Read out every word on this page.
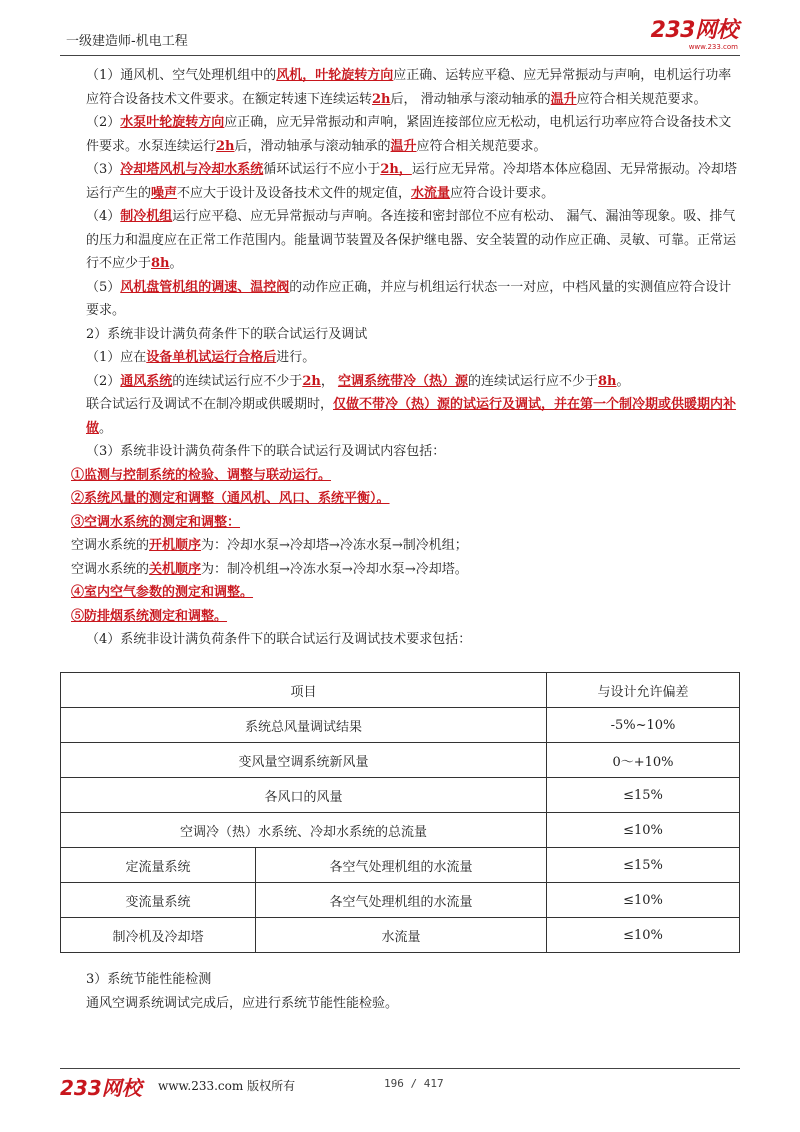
一级建造师-机电工程	233网校
www.233.com

（1）通风机、空气处理机组中的风机，叶轮旋转方向应正确、运转应平稳、应无异常振动与声响，电机运行功率应符合设备技术文件要求。在额定转速下连续运转2h后， 滑动轴承与滚动轴承的温升应符合相关规范要求。

（2）水泵叶轮旋转方向应正确，应无异常振动和声响，紧固连接部位应无松动，电机运行功率应符合设备技术文件要求。水泵连续运行2h后，滑动轴承与滚动轴承的温升应符合相关规范要求。

（3）冷却塔风机与冷却水系统循环试运行不应小于2h，运行应无异常。冷却塔本体应稳固、无异常振动。冷却塔运行产生的噪声不应大于设计及设备技术文件的规定值，水流量应符合设计要求。

（4）制冷机组运行应平稳、应无异常振动与声响。各连接和密封部位不应有松动、 漏气、漏油等现象。吸、排气的压力和温度应在正常工作范围内。能量调节装置及各保护继电器、安全装置的动作应正确、灵敏、可靠。正常运行不应少于8h。

（5）风机盘管机组的调速、温控阀的动作应正确，并应与机组运行状态一一对应，中档风量的实测值应符合设计要求。

2）系统非设计满负荷条件下的联合试运行及调试

（1）应在设备单机试运行合格后进行。

（2）通风系统的连续试运行应不少于2h， 空调系统带冷（热）源的连续试运行应不少于8h。

联合试运行及调试不在制冷期或供暖期时，仅做不带冷（热）源的试运行及调试，并在第一个制冷期或供暖期内补做。

（3）系统非设计满负荷条件下的联合试运行及调试内容包括：

①监测与控制系统的检验、调整与联动运行。

②系统风量的测定和调整（通风机、风口、系统平衡）。

③空调水系统的测定和调整：

空调水系统的开机顺序为：冷却水泵→冷却塔→冷冻水泵→制冷机组；

空调水系统的关机顺序为：制冷机组→冷冻水泵→冷却水泵→冷却塔。

④室内空气参数的测定和调整。

⑤防排烟系统测定和调整。

（4）系统非设计满负荷条件下的联合试运行及调试技术要求包括：

项目		与设计允许偏差
系统总风量调试结果		-5%~10%
变风量空调系统新风量		0～+10%
各风口的风量		≤15%
空调冷（热）水系统、冷却水系统的总流量		≤10%
定流量系统	各空气处理机组的水流量	≤15%
变流量系统	各空气处理机组的水流量	≤10%
制冷机及冷却塔	水流量	≤10%

3）系统节能性能检测

通风空调系统调试完成后，应进行系统节能性能检验。

233网校 www.233.com 版权所有	196 / 417
